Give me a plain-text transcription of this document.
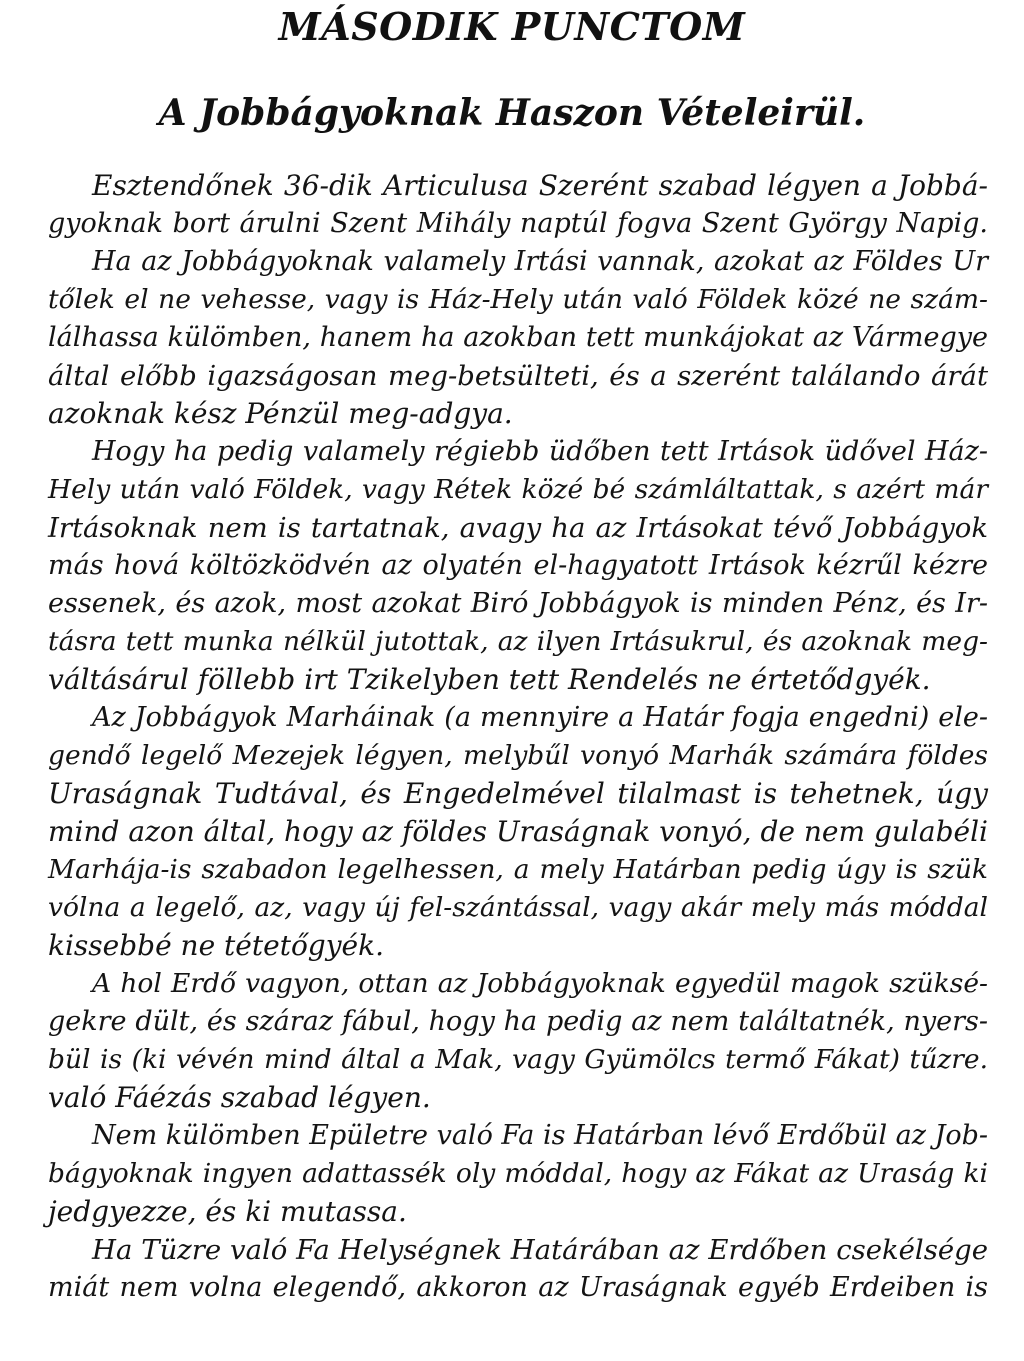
MÁSODIK PUNCTOM
A Jobbágyoknak Haszon Vételeirül.

Esztendőnek 36-dik Articulusa Szerént szabad légyen a Jobbá-

gyoknak bort árulni Szent Mihály naptúl fogva Szent György Napig.

Ha az Jobbágyoknak valamely Irtási vannak, azokat az Földes Ur

tőlek el ne vehesse, vagy is Ház-Hely után való Földek közé ne szám-

lálhassa külömben, hanem ha azokban tett munkájokat az Vármegye

által előbb igazságosan meg-betsülteti, és a szerént találando árát

azoknak kész Pénzül meg-adgya.

Hogy ha pedig valamely régiebb üdőben tett Irtások üdővel Ház-

Hely után való Földek, vagy Rétek közé bé számláltattak, s azért már

Irtásoknak nem is tartatnak, avagy ha az Irtásokat tévő Jobbágyok

más hová költözködvén az olyatén el-hagyatott Irtások kézrűl kézre

essenek, és azok, most azokat Biró Jobbágyok is minden Pénz, és Ir-

tásra tett munka nélkül jutottak, az ilyen Irtásukrul, és azoknak meg-

váltásárul föllebb irt Tzikelyben tett Rendelés ne értetődgyék.

Az Jobbágyok Marháinak (a mennyire a Határ fogja engedni) ele-

gendő legelő Mezejek légyen, melybűl vonyó Marhák számára földes

Uraságnak Tudtával, és Engedelmével tilalmast is tehetnek, úgy

mind azon által, hogy az földes Uraságnak vonyó, de nem gulabéli

Marhája-is szabadon legelhessen, a mely Határban pedig úgy is szük

vólna a legelő, az, vagy új fel-szántással, vagy akár mely más móddal

kissebbé ne tétetőgyék.

A hol Erdő vagyon, ottan az Jobbágyoknak egyedül magok szüksé-

gekre dült, és száraz fábul, hogy ha pedig az nem találtatnék, nyers-

bül is (ki vévén mind által a Mak, vagy Gyümölcs termő Fákat) tűzre.

való Fáézás szabad légyen.

Nem külömben Epületre való Fa is Határban lévő Erdőbül az Job-

bágyoknak ingyen adattassék oly móddal, hogy az Fákat az Uraság ki

jedgyezze, és ki mutassa.

Ha Tüzre való Fa Helységnek Határában az Erdőben csekélsége

miát nem volna elegendő, akkoron az Uraságnak egyéb Erdeiben is
